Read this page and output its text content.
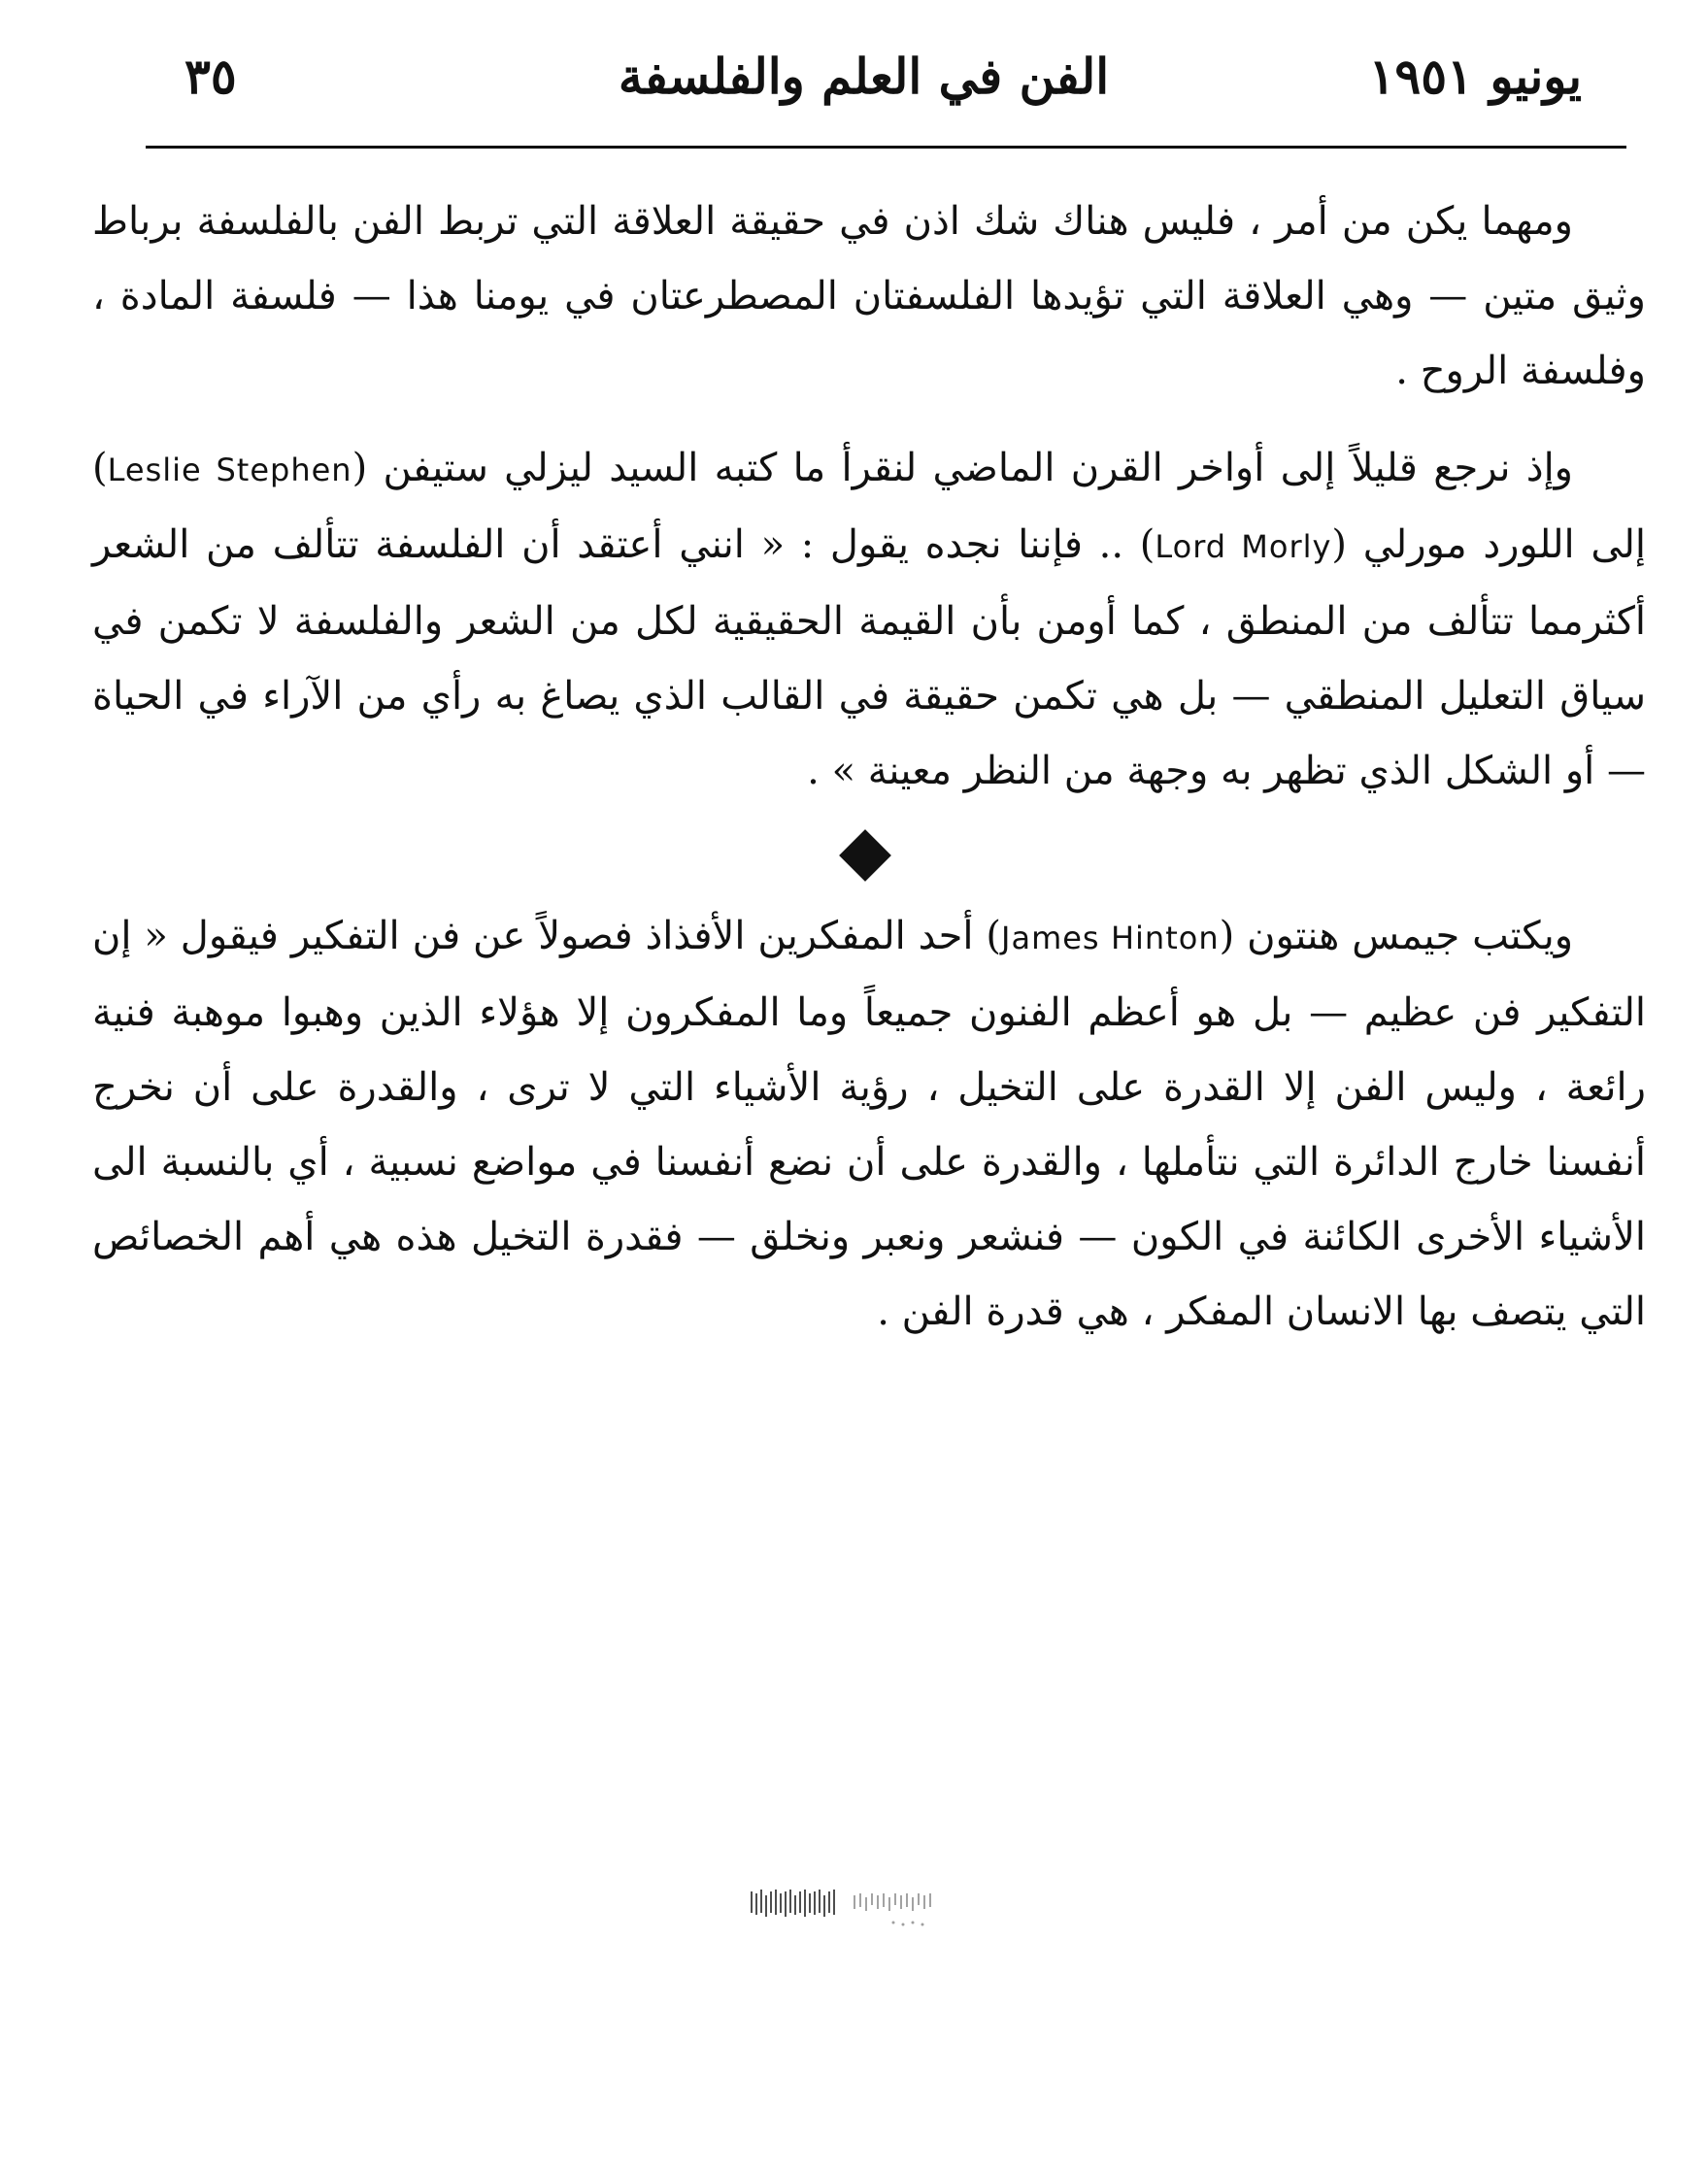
يونيو ١٩٥١
الفن في العلم والفلسفة
٣٥

ومهما يكن من أمر ، فليس هناك شك اذن في حقيقة العلاقة التي تربط الفن بالفلسفة برباط وثيق متين — وهي العلاقة التي تؤيدها الفلسفتان المصطرعتان في يومنا هذا — فلسفة المادة ، وفلسفة الروح .

وإذ نرجع قليلاً إلى أواخر القرن الماضي لنقرأ ما كتبه السيد ليزلي ستيفن (Leslie Stephen) إلى اللورد مورلي (Lord Morly) .. فإننا نجده يقول : « انني أعتقد أن الفلسفة تتألف من الشعر أكثرمما تتألف من المنطق ، كما أومن بأن القيمة الحقيقية لكل من الشعر والفلسفة لا تكمن في سياق التعليل المنطقي — بل هي تكمن حقيقة في القالب الذي يصاغ به رأي من الآراء في الحياة — أو الشكل الذي تظهر به وجهة من النظر معينة » .

ويكتب جيمس هنتون (James Hinton) أحد المفكرين الأفذاذ فصولاً عن فن التفكير فيقول « إن التفكير فن عظيم — بل هو أعظم الفنون جميعاً وما المفكرون إلا هؤلاء الذين وهبوا موهبة فنية رائعة ، وليس الفن إلا القدرة على التخيل ، رؤية الأشياء التي لا ترى ، والقدرة على أن نخرج أنفسنا خارج الدائرة التي نتأملها ، والقدرة على أن نضع أنفسنا في مواضع نسبية ، أي بالنسبة الى الأشياء الأخرى الكائنة في الكون — فنشعر ونعبر ونخلق — فقدرة التخيل هذه هي أهم الخصائص التي يتصف بها الانسان المفكر ، هي قدرة الفن .
